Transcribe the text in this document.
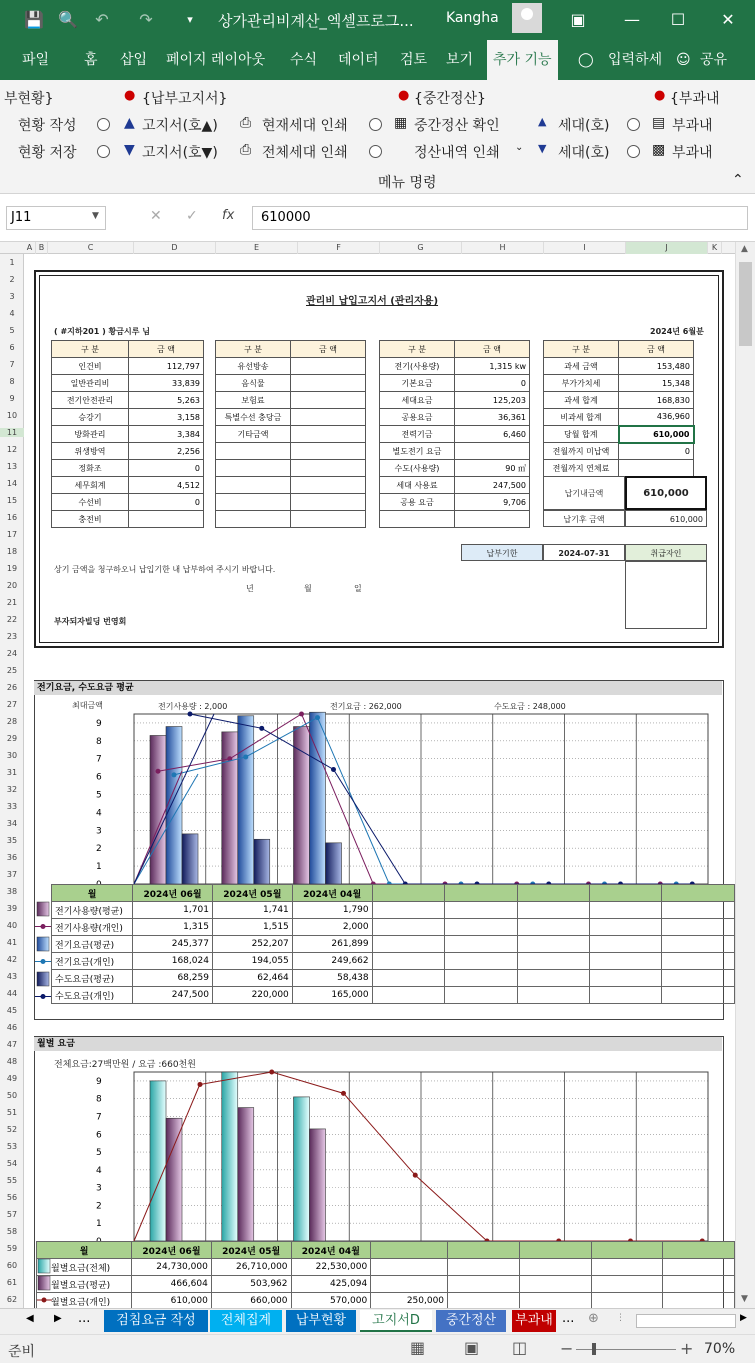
💾 🔍	↶	↷	▾	상가관리비계산_엑셀프로그...	Kangha	▣ —	☐	✕
파일 홈 삽입 페이지 레이아웃 수식 데이터 검토 보기	추가 기능	◯ 입력하세 ☺ 공유
부현황}
현황 작성
현황 저장
● {납부고지서}
▲ 고지서(호▲)
▼ 고지서(호▼)
⎙ 현재세대 인쇄
⎙ 전체세대 인쇄
● {중간정산}
▦ 중간정산 확인
정산내역 인쇄 ⌄
▲ 세대(호)
▼ 세대(호)
● {부과내
▤ 부과내
▩ 부과내
메뉴 명령	⌃
J11	▼	✕ ✓ fx	610000
A B	C	D	E	F	G	H	I	J	K
1
2
3
4
5
6
7
8
9
10
11
12
13
14
15
16
17
18
19
20
21
22
23
24
25
26
27
28
29
30
31
32
33
34
35
36
37
38
39
40
41
42
43
44
45
46
47
48
49
50
51
52
53
54
55
56
57
58
59
60
61
62
관리비 납입고지서 (관리자용)
( #지하201 ) 황금시루 님	2024년 6월분
구 분	금 액
인건비	112,797
일반관리비	33,839
전기안전관리	5,263
승강기	3,158
방화관리	3,384
위생방역	2,256
정화조	0
세무회계	4,512
수선비	0
충전비	
구 분	금 액
유선방송	
음식물	
보험료	
특별수선 충당금	
기타금액	

구 분	금 액
전기(사용량)	1,315 kw
기본요금	0
세대요금	125,203
공용요금	36,361
전력기금	6,460
별도전기 요금	
수도(사용량)	90 ㎥
세대 사용료	247,500
공용 요금	9,706

구 분	금 액
과세 금액	153,480
부가가치세	15,348
과세 합계	168,830
비과세 합계	436,960
당월 합계	610,000
전월까지 미납액	0
전월까지 연체료	
납기내금액	610,000
납기후 금액	610,000
납부기한	2024-07-31	취급자인
상기 금액을 청구하오니 납입기한 내 납부하여 주시기 바랍니다.
년	월	일
부자되자빌딩 번영회
전기요금, 수도요금 평균
최대금액	전기사용량 : 2,000	전기요금 : 262,000	수도요금 : 248,000
9
8
7
6
5
4
3
2
1
월	2024년 06월	2024년 05월	2024년 04월					
전기사용량(평균)	1,701	1,741	1,790					
전기사용량(개인)	1,315	1,515	2,000					
전기요금(평균)	245,377	252,207	261,899					
전기요금(개인)	168,024	194,055	249,662					
수도요금(평균)	68,259	62,464	58,438					
수도요금(개인)	247,500	220,000	165,000					
월별 요금
전체요금:27백만원 / 요금 :660천원
9
8
7
6
5
4
3
2
1
월	2024년 06월	2024년 05월	2024년 04월					
월별요금(전체)	24,730,000	26,710,000	22,530,000					
월별요금(평균)	466,604	503,962	425,094					
월별요금(개인)	610,000	660,000	570,000	250,000				
▲
▼
◀ ▶ ...	검침요금 작성	전체집계	납부현황	고지서D	중간정산	부과내 ... ⊕ ⋮	▶
준비	▦ ▣ ◫ −	+ 70%
